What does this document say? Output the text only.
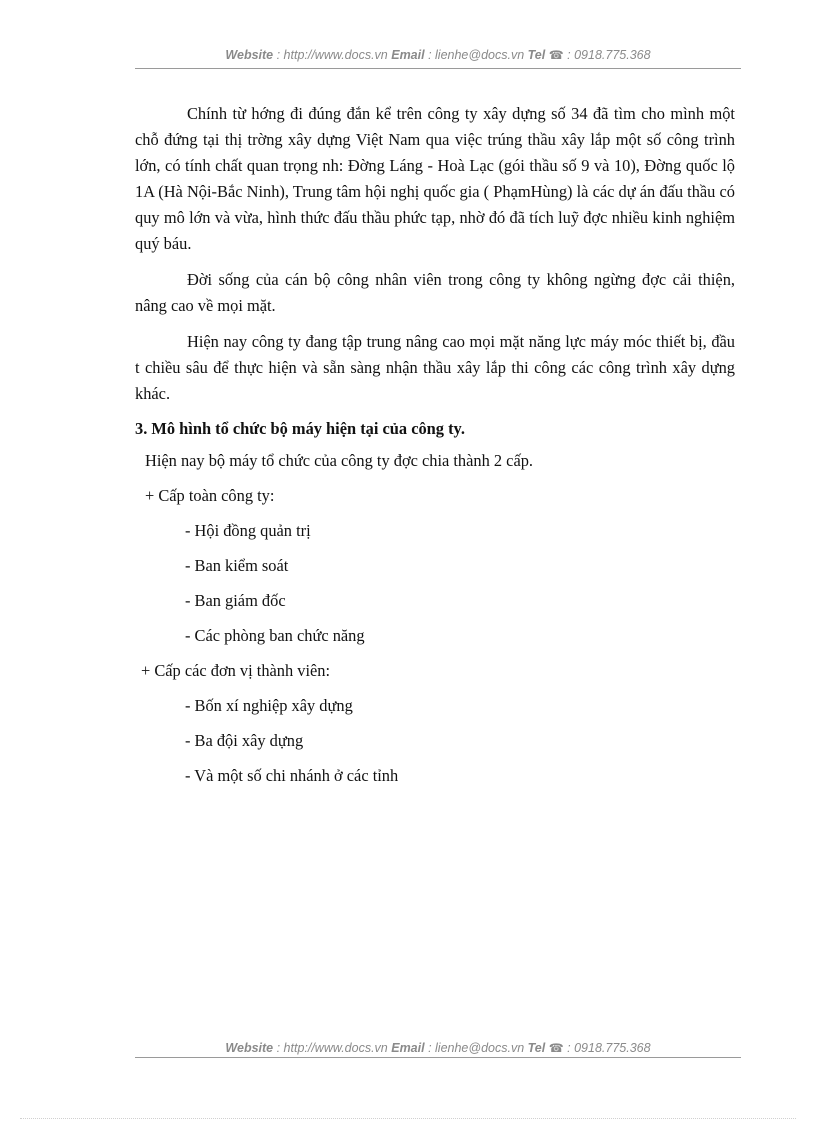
Website : http://www.docs.vn Email : lienhe@docs.vn Tel ☎ : 0918.775.368

Chính từ hớng đi đúng đắn kể trên công ty xây dựng số 34 đã tìm cho mình một chỗ đứng tại thị trờng xây dựng Việt Nam qua việc trúng thầu xây lắp một số công trình lớn, có tính chất quan trọng nh: Đờng Láng - Hoà Lạc (gói thầu số 9 và 10), Đờng quốc lộ 1A (Hà Nội-Bắc Ninh), Trung tâm hội nghị quốc gia ( PhạmHùng) là các dự án đấu thầu có quy mô lớn và vừa, hình thức đấu thầu phức tạp, nhờ đó đã tích luỹ đợc nhiều kinh nghiệm quý báu.

Đời sống của cán bộ công nhân viên trong công ty không ngừng đợc cải thiện, nâng cao về mọi mặt.

Hiện nay công ty đang tập trung nâng cao mọi mặt năng lực máy móc thiết bị, đầu t chiều sâu để thực hiện và sẵn sàng nhận thầu xây lắp thi công các công trình xây dựng khác.

3. Mô hình tổ chức bộ máy hiện tại của công ty.
Hiện nay bộ máy tổ chức của công ty đợc chia thành 2 cấp.
+ Cấp toàn công ty:
- Hội đồng quản trị
- Ban kiểm soát
- Ban giám đốc
- Các phòng ban chức năng
+ Cấp các đơn vị thành viên:
- Bốn xí nghiệp xây dựng
- Ba đội xây dựng
- Và một số chi nhánh ở các tỉnh
Website : http://www.docs.vn Email : lienhe@docs.vn Tel ☎ : 0918.775.368
